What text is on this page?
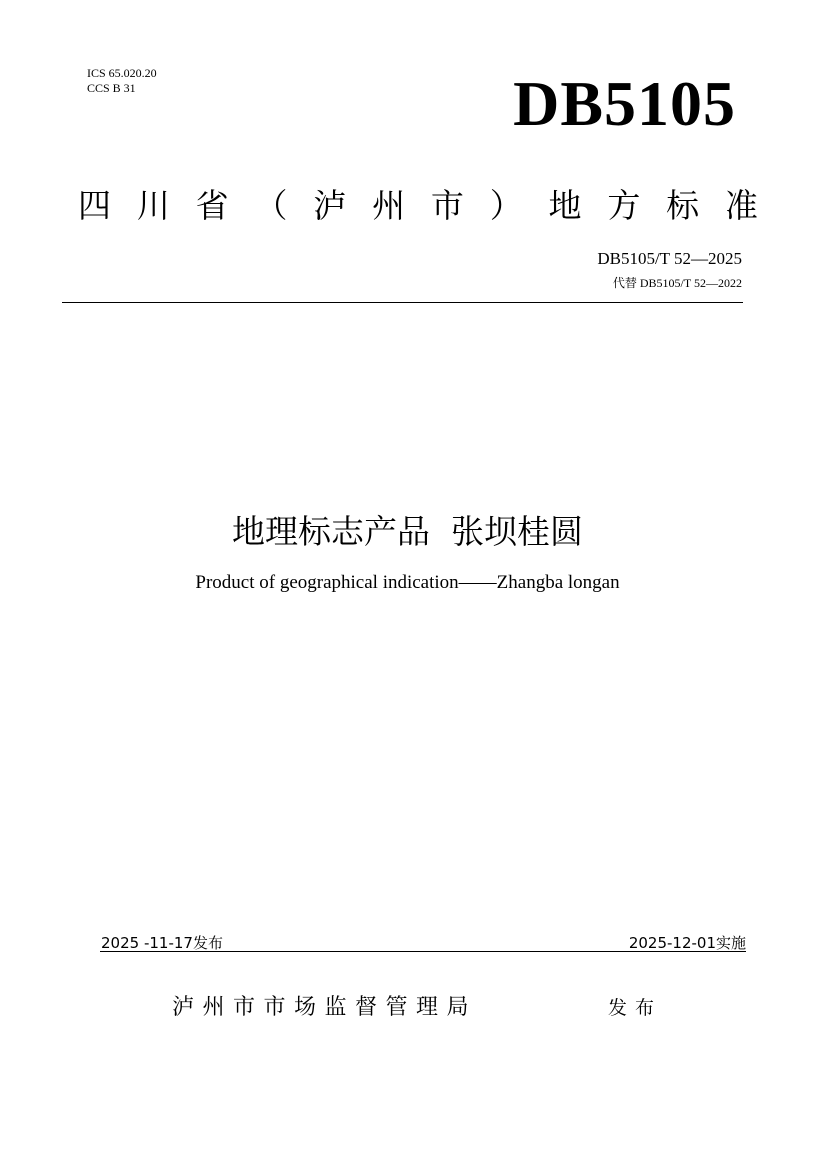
ICS 65.020.20
CCS B 31	DB5105
四 川 省 （ 泸 州 市 ） 地 方 标 准
DB5105/T 52—2025
代替 DB5105/T 52—2022
地理标志产品  张坝桂圆
Product of geographical indication——Zhangba longan
2025 -11-17发布	2025-12-01实施
泸州市市场监督管理局	发布
